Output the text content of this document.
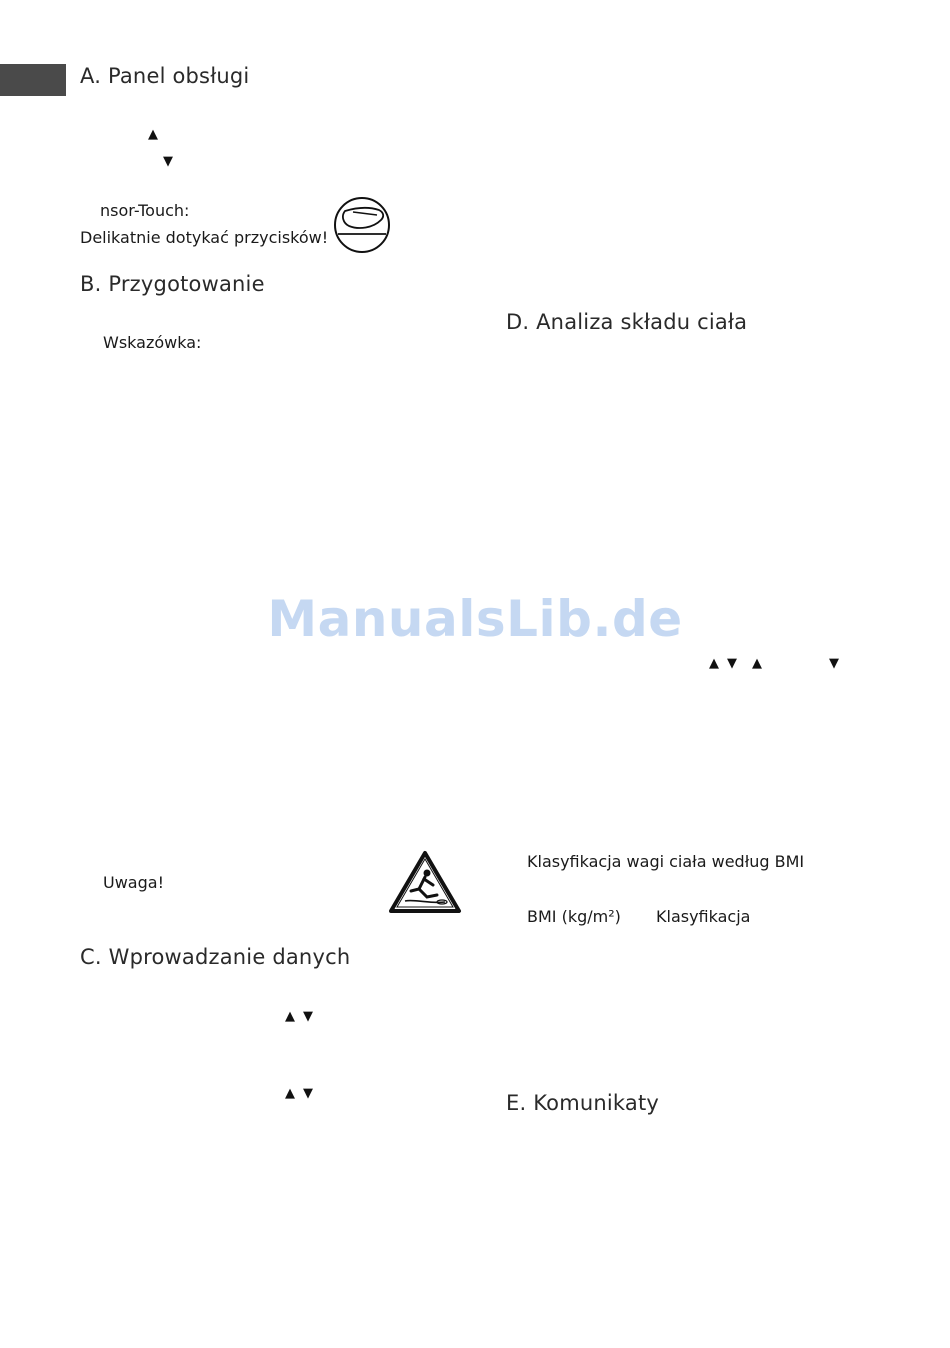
A. Panel obsługi
▲
▼
nsor-Touch:
Delikatnie dotykać przycisków!
B. Przygotowanie
Wskazówka:
Uwaga!
C. Wprowadzanie danych
▲ ▼
▲ ▼
D. Analiza składu ciała
▲ ▼ ▲	▼
Klasyfikacja wagi ciała według BMI
BMI (kg/m²) Klasyfikacja
E. Komunikaty
ManualsLib.de
